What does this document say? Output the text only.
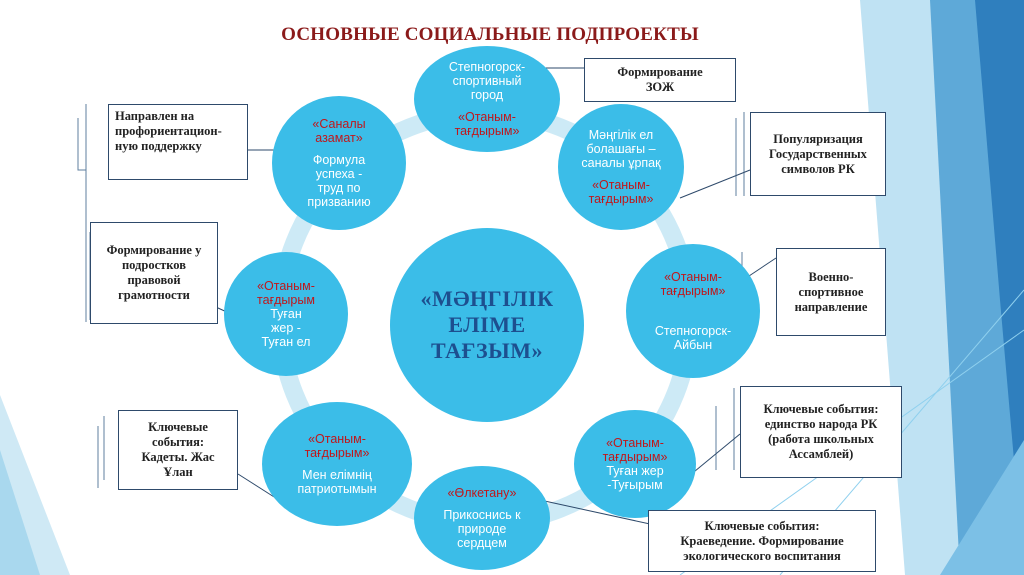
ОСНОВНЫЕ СОЦИАЛЬНЫЕ ПОДПРОЕКТЫ
«МӘҢГІЛІК
ЕЛІМЕ
ТАҒЗЫМ»
Степногорск-
спортивный
город
«Отаным-
тағдырым»
«Саналы
азамат»
Формула
успеха -
труд по
призванию
Мәңгілік ел
болашағы –
саналы ұрпақ
«Отаным-
тағдырым»
«Отаным-
тағдырым
Туған
жер -
Туған ел
«Отаным-
тағдырым»
Степногорск-
Айбын
«Отаным-
тағдырым»
Мен елімнің
патриотымын
«Отаным-
тағдырым»
Туған жер
-Туғырым
«Өлкетану»
Прикоснись к
природе
сердцем
Формирование
ЗОЖ
Направлен на
профориентацион-
ную поддержку
Популяризация
Государственных
символов РК
Формирование у
подростков
правовой
грамотности
Военно-
спортивное
направление
Ключевые
события:
Кадеты. Жас
Ұлан
Ключевые события:
единство народа РК
(работа школьных
Ассамблей)
Ключевые события:
Краеведение. Формирование
экологического воспитания
